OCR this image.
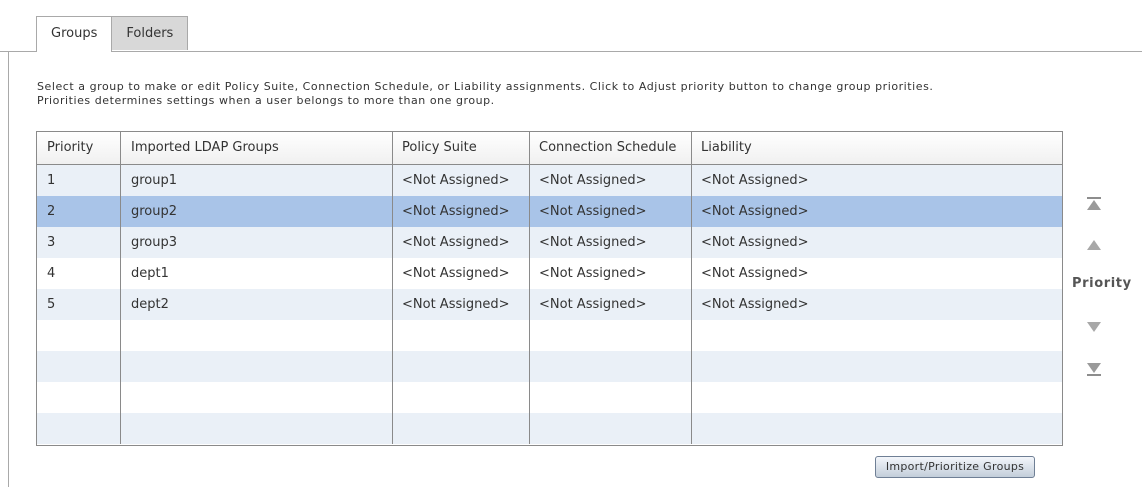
Groups	Folders
Select a group to make or edit Policy Suite, Connection Schedule, or Liability assignments. Click to Adjust priority button to change group priorities.
Priorities determines settings when a user belongs to more than one group.
Priority	Imported LDAP Groups	Policy Suite	Connection Schedule	Liability
1	group1	<Not Assigned>	<Not Assigned>	<Not Assigned>
2	group2	<Not Assigned>	<Not Assigned>	<Not Assigned>
3	group3	<Not Assigned>	<Not Assigned>	<Not Assigned>
4	dept1	<Not Assigned>	<Not Assigned>	<Not Assigned>
5	dept2	<Not Assigned>	<Not Assigned>	<Not Assigned>
Priority
Import/Prioritize Groups
